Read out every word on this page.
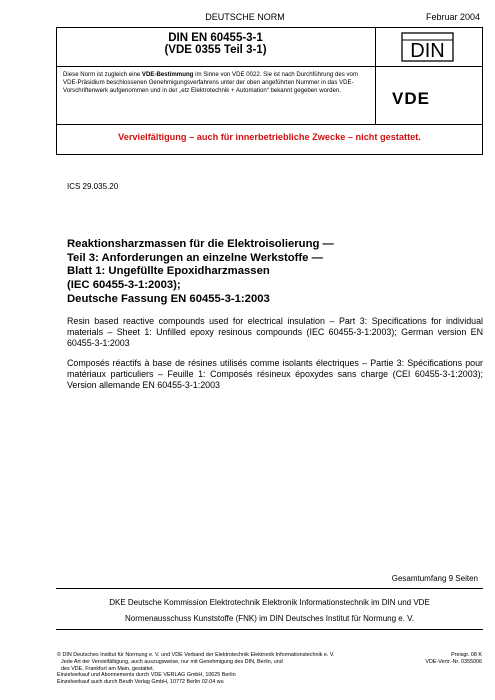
DEUTSCHE NORM	Februar 2004
DIN EN 60455-3-1
(VDE 0355 Teil 3-1)	DIN
Diese Norm ist zugleich eine VDE-Bestimmung im Sinne von VDE 0022. Sie ist nach Durchführung des vom VDE-Präsidium beschlossenen Genehmigungsverfahrens unter der oben angeführten Nummer in das VDE-Vorschriftenwerk aufgenommen und in der „etz Elektrotechnik + Automation“ bekannt gegeben worden.	VDE
Vervielfältigung – auch für innerbetriebliche Zwecke – nicht gestattet.
ICS 29.035.20
Reaktionsharzmassen für die Elektroisolierung —
Teil 3: Anforderungen an einzelne Werkstoffe —
Blatt 1: Ungefüllte Epoxidharzmassen
(IEC 60455-3-1:2003);
Deutsche Fassung EN 60455-3-1:2003
Resin based reactive compounds used for electrical insulation – Part 3: Specifications for individual materials – Sheet 1: Unfilled epoxy resinous compounds (IEC 60455-3-1:2003); German version EN 60455-3-1:2003
Composés réactifs à base de résines utilisés comme isolants électriques – Partie 3: Spécifications pour matériaux particuliers – Feuille 1: Composés résineux époxydes sans charge (CEI 60455-3-1:2003); Version allemande EN 60455-3-1:2003
Gesamtumfang 9 Seiten
DKE Deutsche Kommission Elektrotechnik Elektronik Informationstechnik im DIN und VDE
Normenausschuss Kunststoffe (FNK) im DIN Deutsches Institut für Normung e. V.
© DIN Deutsches Institut für Normung e. V. und VDE Verband der Elektrotechnik Elektronik Informationstechnik e. V.
Jede Art der Vervielfältigung, auch auszugsweise, nur mit Genehmigung des DIN, Berlin, und
des VDE, Frankfurt am Main, gestattet.
Einzelverkauf und Abonnements durch VDE VERLAG GmbH, 10625 Berlin
Einzelverkauf auch durch Beuth Verlag GmbH, 10772 Berlin 02.04 wu
Preisgr. 08 K
VDE-Vertr.-Nr. 0355006
